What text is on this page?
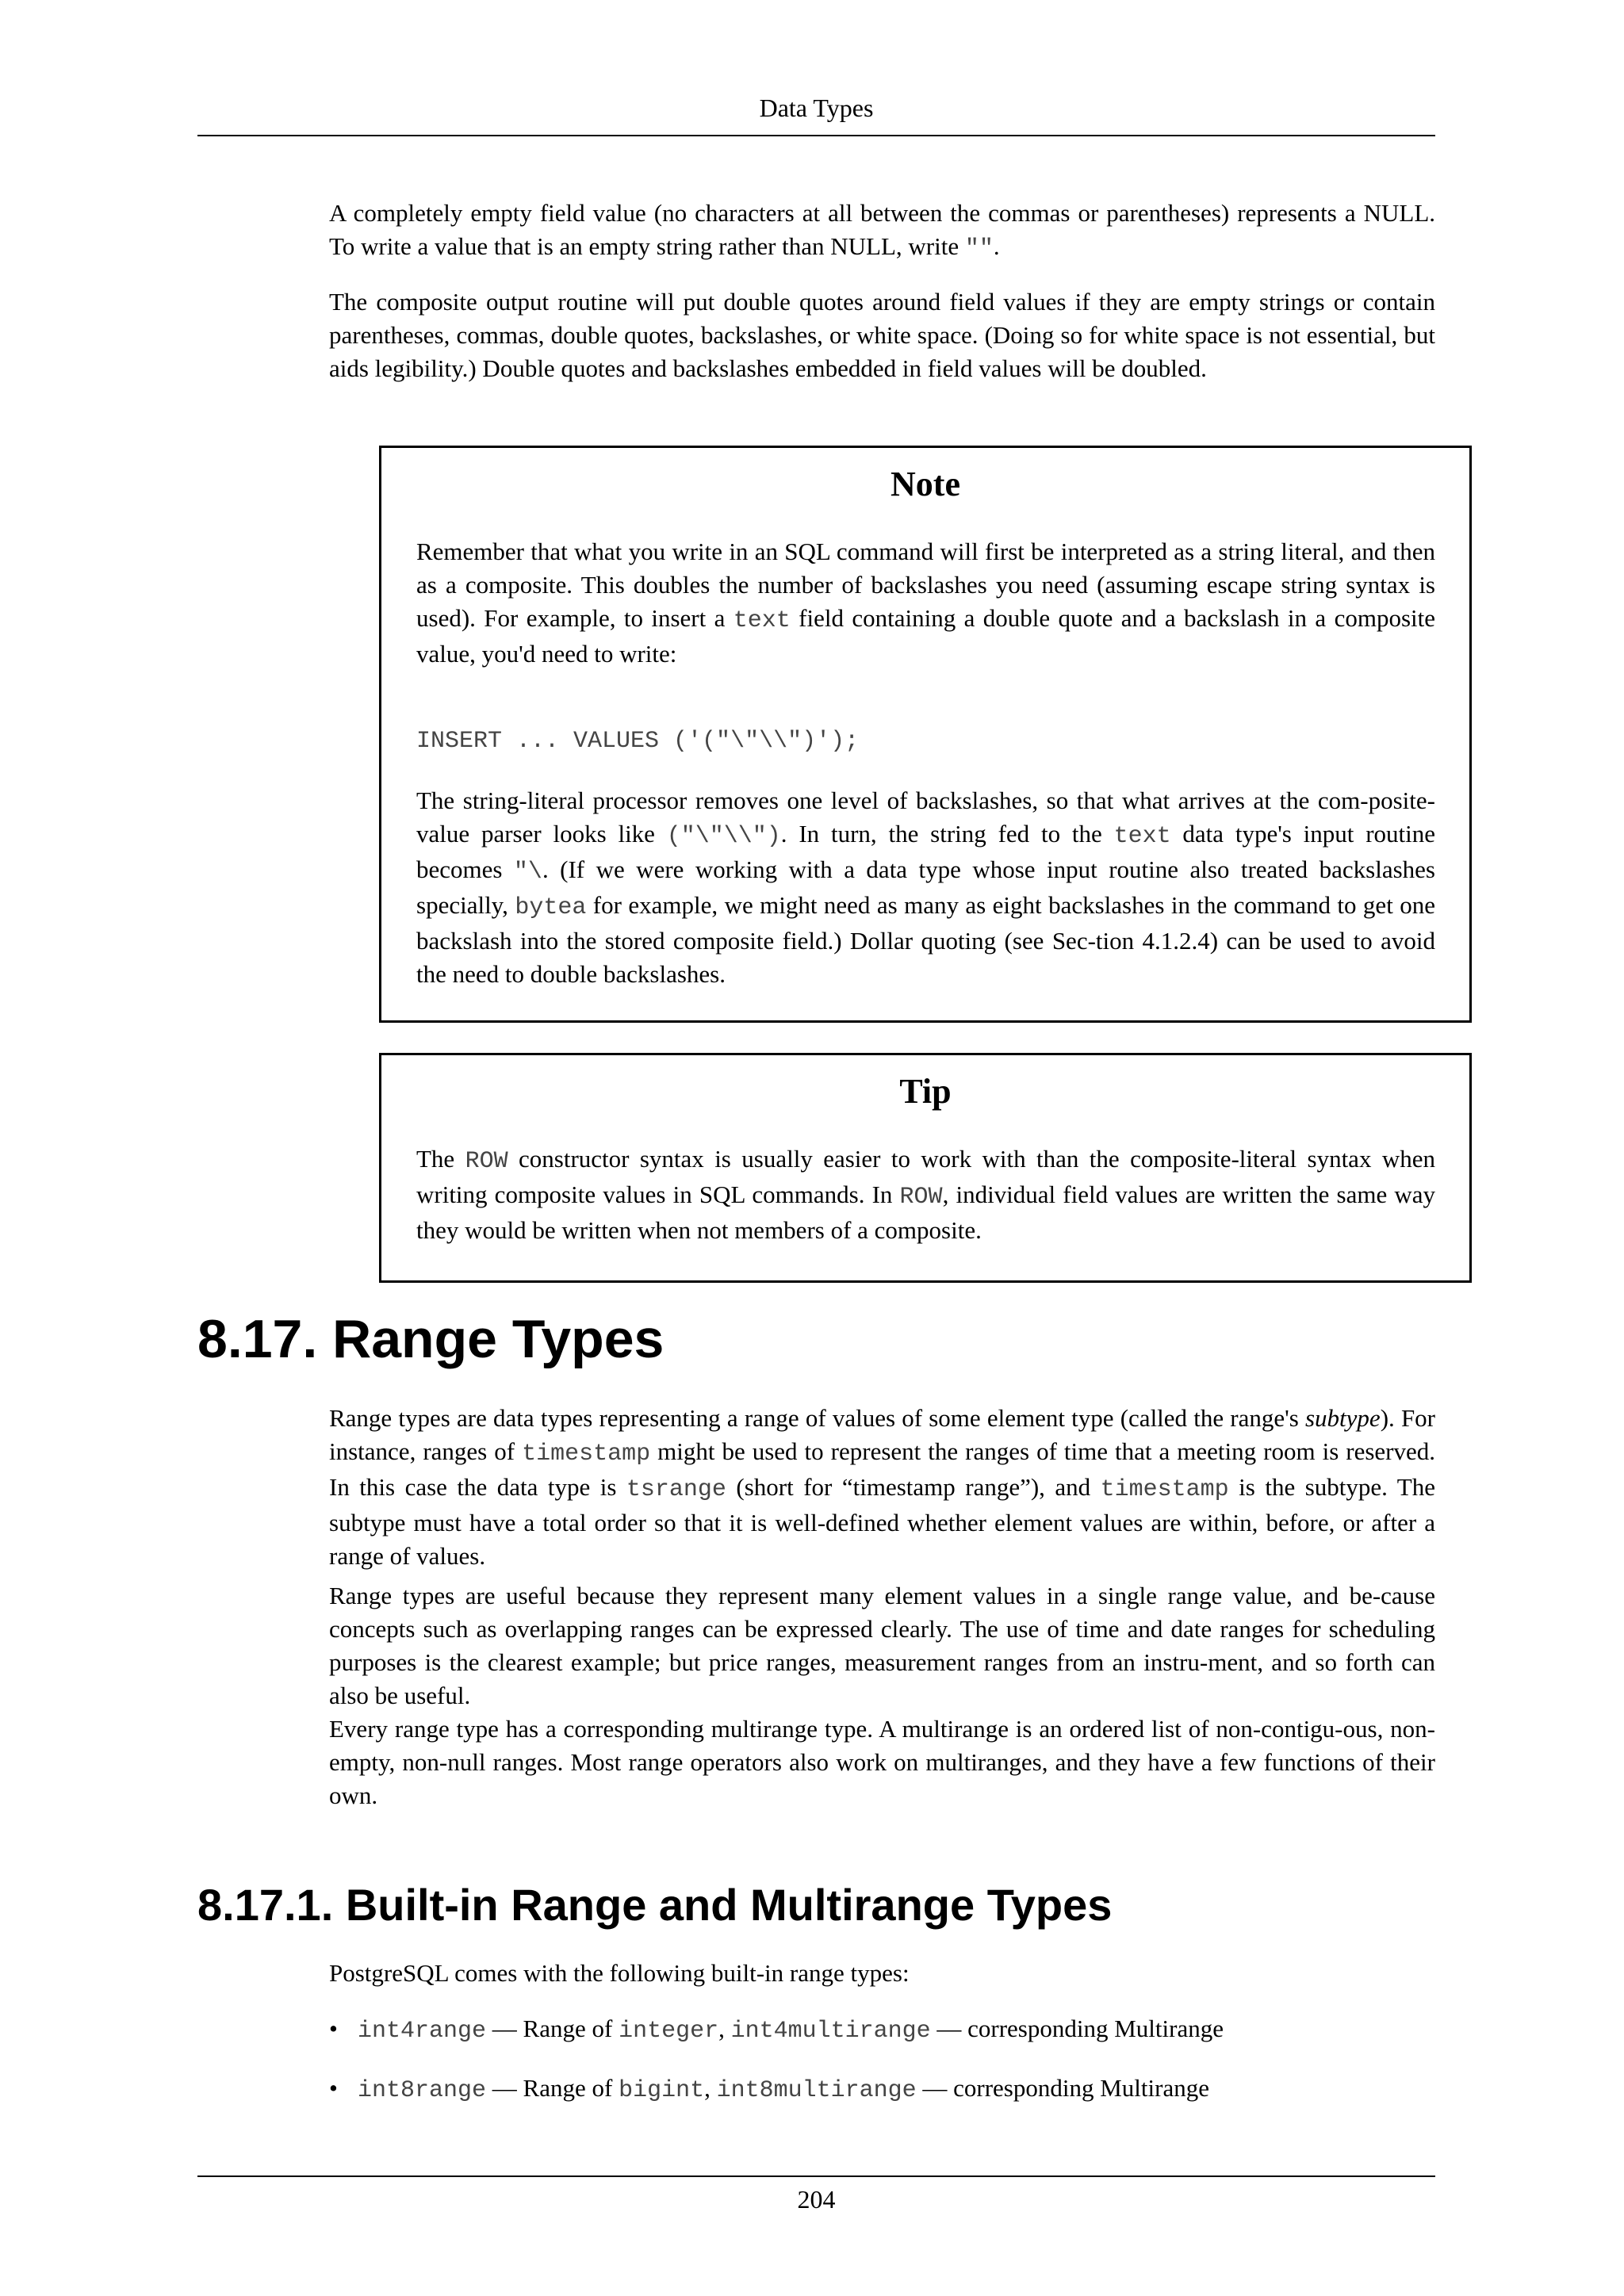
Data Types

A completely empty field value (no characters at all between the commas or parentheses) represents a NULL. To write a value that is an empty string rather than NULL, write "".

The composite output routine will put double quotes around field values if they are empty strings or contain parentheses, commas, double quotes, backslashes, or white space. (Doing so for white space is not essential, but aids legibility.) Double quotes and backslashes embedded in field values will be doubled.

Note

Remember that what you write in an SQL command will first be interpreted as a string literal, and then as a composite. This doubles the number of backslashes you need (assuming escape string syntax is used). For example, to insert a text field containing a double quote and a backslash in a composite value, you'd need to write:

INSERT ... VALUES ('("\"\\")');

The string-literal processor removes one level of backslashes, so that what arrives at the com-posite-value parser looks like ("\"\\"). In turn, the string fed to the text data type's input routine becomes "\. (If we were working with a data type whose input routine also treated backslashes specially, bytea for example, we might need as many as eight backslashes in the command to get one backslash into the stored composite field.) Dollar quoting (see Sec-tion 4.1.2.4) can be used to avoid the need to double backslashes.

Tip

The ROW constructor syntax is usually easier to work with than the composite-literal syntax when writing composite values in SQL commands. In ROW, individual field values are written the same way they would be written when not members of a composite.

8.17. Range Types

Range types are data types representing a range of values of some element type (called the range's subtype). For instance, ranges of timestamp might be used to represent the ranges of time that a meeting room is reserved. In this case the data type is tsrange (short for “timestamp range”), and timestamp is the subtype. The subtype must have a total order so that it is well-defined whether element values are within, before, or after a range of values.

Range types are useful because they represent many element values in a single range value, and be-cause concepts such as overlapping ranges can be expressed clearly. The use of time and date ranges for scheduling purposes is the clearest example; but price ranges, measurement ranges from an instru-ment, and so forth can also be useful.

Every range type has a corresponding multirange type. A multirange is an ordered list of non-contigu-ous, non-empty, non-null ranges. Most range operators also work on multiranges, and they have a few functions of their own.

8.17.1. Built-in Range and Multirange Types

PostgreSQL comes with the following built-in range types:

• int4range — Range of integer, int4multirange — corresponding Multirange
• int8range — Range of bigint, int8multirange — corresponding Multirange
204
